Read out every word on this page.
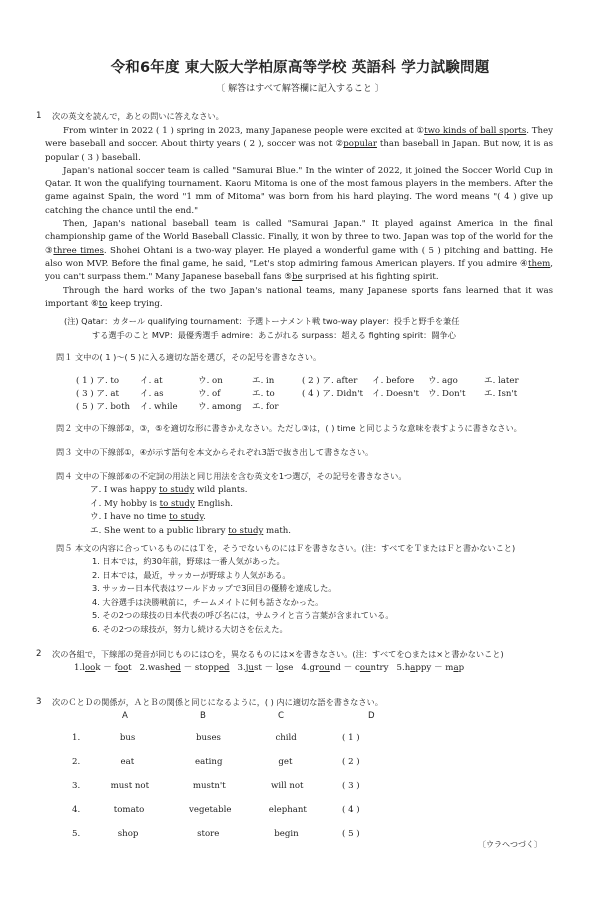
令和6年度 東大阪大学柏原高等学校 英語科 学力試験問題
〔 解答はすべて解答欄に記入すること 〕
1 次の英文を読んで，あとの問いに答えなさい。

From winter in 2022 ( 1 ) spring in 2023, many Japanese people were excited at ①two kinds of ball sports. They were baseball and soccer. About thirty years ( 2 ), soccer was not ②popular than baseball in Japan. But now, it is as popular ( 3 ) baseball.

Japan's national soccer team is called "Samurai Blue." In the winter of 2022, it joined the Soccer World Cup in Qatar. It won the qualifying tournament. Kaoru Mitoma is one of the most famous players in the members. After the game against Spain, the word "1 mm of Mitoma" was born from his hard playing. The word means "( 4 ) give up catching the chance until the end."

Then, Japan's national baseball team is called "Samurai Japan." It played against America in the final championship game of the World Baseball Classic. Finally, it won by three to two. Japan was top of the world for the ③three times. Shohei Ohtani is a two-way player. He played a wonderful game with ( 5 ) pitching and batting. He also won MVP. Before the final game, he said, "Let's stop admiring famous American players. If you admire ④them, you can't surpass them." Many Japanese baseball fans ⑤be surprised at his fighting spirit.

Through the hard works of the two Japan's national teams, many Japanese sports fans learned that it was important ⑥to keep trying.

(注) Qatar：カタール qualifying tournament：予選トーナメント戦 two-way player：投手と野手を兼任
する選手のこと MVP：最優秀選手 admire：あこがれる surpass：超える fighting spirit：闘争心
問１ 文中の( 1 )～( 5 )に入る適切な語を選び，その記号を書きなさい。
( 1 ) ア. to イ. at	ウ. on	エ. in	( 2 ) ア. after イ. before ウ. ago	エ. later
( 3 ) ア. at イ. as	ウ. of	エ. to	( 4 ) ア. Didn't イ. Doesn't ウ. Don't エ. Isn't
( 5 ) ア. both イ. while ウ. among エ. for
問２ 文中の下線部②，③，⑤を適切な形に書きかえなさい。ただし③は，( ) time と同じような意味を表すように書きなさい。
問３ 文中の下線部①，④が示す語句を本文からそれぞれ3語で抜き出して書きなさい。
問４ 文中の下線部⑥の不定詞の用法と同じ用法を含む英文を1つ選び，その記号を書きなさい。
ア. I was happy to study wild plants.
イ. My hobby is to study English.
ウ. I have no time to study.
エ. She went to a public library to study math.
問５ 本文の内容に合っているものにはＴを，そうでないものにはＦを書きなさい。(注：すべてをＴまたはＦと書かないこと)
1. 日本では，約30年前，野球は一番人気があった。
2. 日本では，最近，サッカーが野球より人気がある。
3. サッカー日本代表はワールドカップで3回目の優勝を達成した。
4. 大谷選手は決勝戦前に，チームメイトに何も話さなかった。
5. その2つの球技の日本代表の呼び名には，サムライと言う言葉が含まれている。
6. その2つの球技が，努力し続ける大切さを伝えた。
2 次の各組で，下線部の発音が同じものには○を，異なるものには×を書きなさい。(注：すべてを○または×と書かないこと)
1.look － foot 2.washed － stopped 3.just － lose 4.ground － country 5.happy － map
3 次のＣとＤの関係が，ＡとＢの関係と同じになるように，( ) 内に適切な語を書きなさい。
A	B	C	D
1.	bus	buses	child	( 1 )
2.	eat	eating	get	( 2 )
3.	must not	mustn't	will not	( 3 )
4.	tomato	vegetable	elephant	( 4 )
5.	shop	store	begin	( 5 )
〔ウラへつづく〕
